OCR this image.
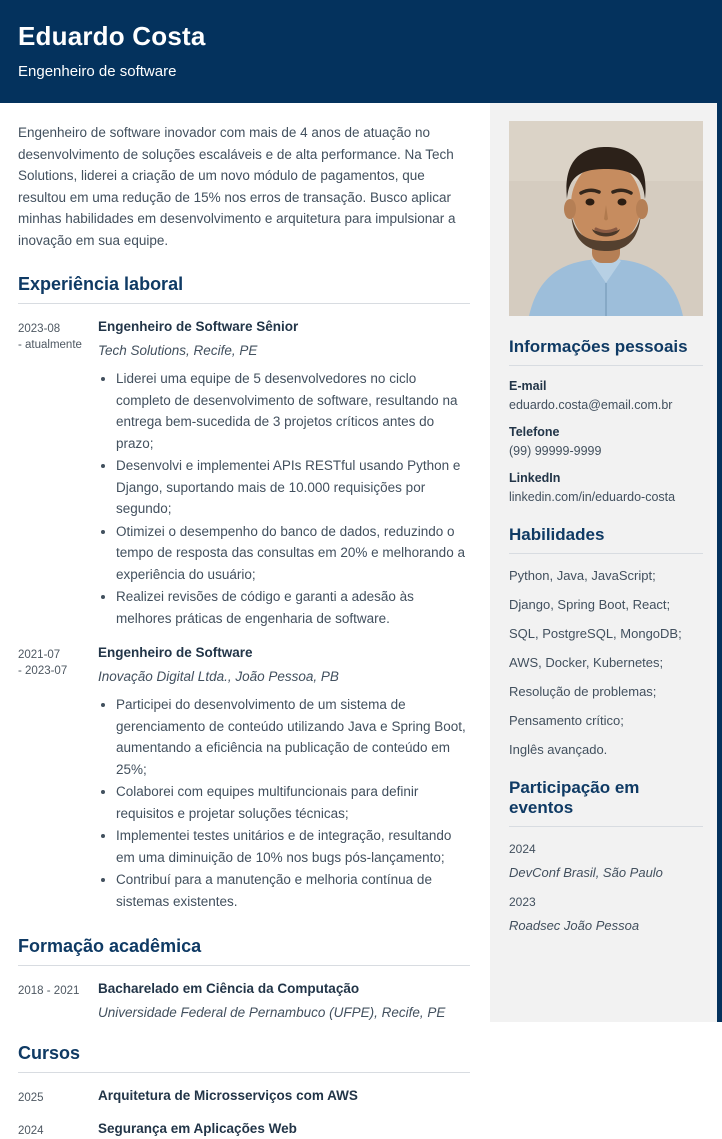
Eduardo Costa
Engenheiro de software
Engenheiro de software inovador com mais de 4 anos de atuação no desenvolvimento de soluções escaláveis e de alta performance. Na Tech Solutions, liderei a criação de um novo módulo de pagamentos, que resultou em uma redução de 15% nos erros de transação. Busco aplicar minhas habilidades em desenvolvimento e arquitetura para impulsionar a inovação em sua equipe.
Experiência laboral
2023-08
- atualmente
Engenheiro de Software Sênior
Tech Solutions, Recife, PE
• Liderei uma equipe de 5 desenvolvedores no ciclo completo de desenvolvimento de software, resultando na entrega bem-sucedida de 3 projetos críticos antes do prazo;
• Desenvolvi e implementei APIs RESTful usando Python e Django, suportando mais de 10.000 requisições por segundo;
• Otimizei o desempenho do banco de dados, reduzindo o tempo de resposta das consultas em 20% e melhorando a experiência do usuário;
• Realizei revisões de código e garanti a adesão às melhores práticas de engenharia de software.
2021-07
- 2023-07
Engenheiro de Software
Inovação Digital Ltda., João Pessoa, PB
• Participei do desenvolvimento de um sistema de gerenciamento de conteúdo utilizando Java e Spring Boot, aumentando a eficiência na publicação de conteúdo em 25%;
• Colaborei com equipes multifuncionais para definir requisitos e projetar soluções técnicas;
• Implementei testes unitários e de integração, resultando em uma diminuição de 10% nos bugs pós-lançamento;
• Contribuí para a manutenção e melhoria contínua de sistemas existentes.
Formação acadêmica
2018 - 2021	Bacharelado em Ciência da Computação
Universidade Federal de Pernambuco (UFPE), Recife, PE
Cursos
2025	Arquitetura de Microsserviços com AWS
2024	Segurança em Aplicações Web
Informações pessoais
E-mail
eduardo.costa@email.com.br
Telefone
(99) 99999-9999
LinkedIn
linkedin.com/in/eduardo-costa
Habilidades
Python, Java, JavaScript;
Django, Spring Boot, React;
SQL, PostgreSQL, MongoDB;
AWS, Docker, Kubernetes;
Resolução de problemas;
Pensamento crítico;
Inglês avançado.
Participação em eventos
2024
DevConf Brasil, São Paulo
2023
Roadsec João Pessoa
